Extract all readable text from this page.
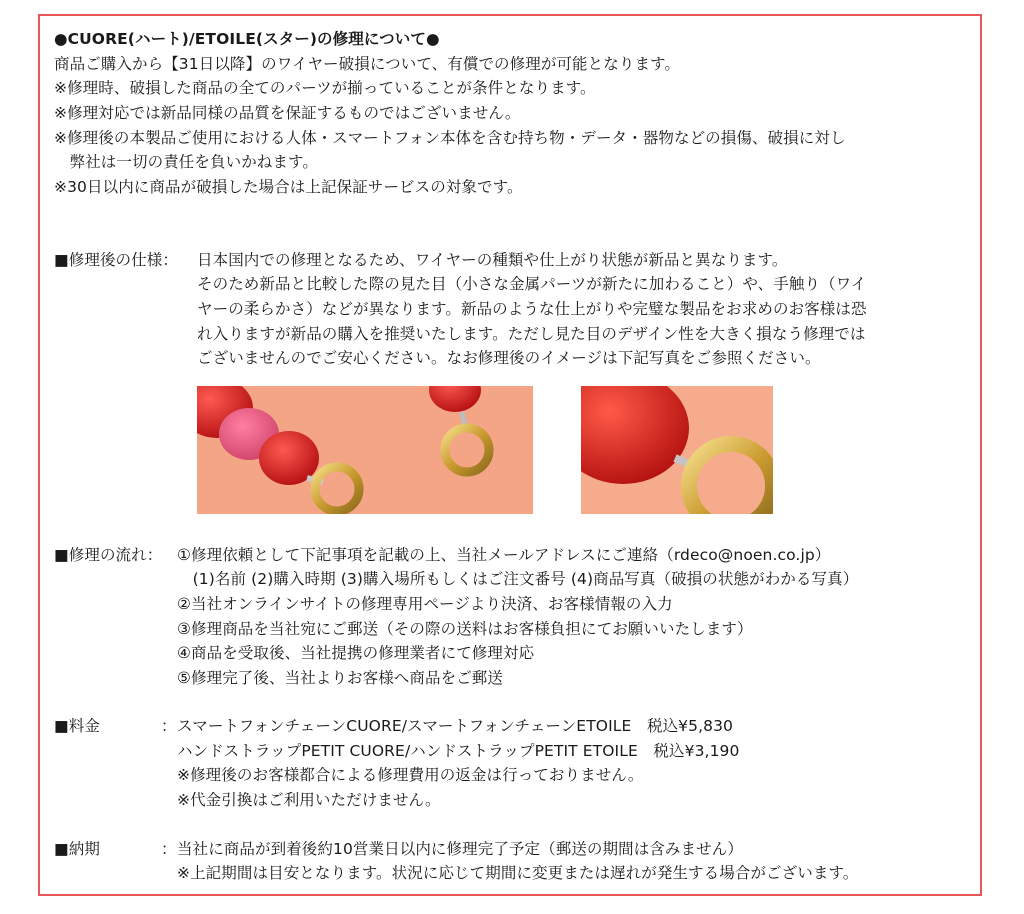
●CUORE(ハート)/ETOILE(スター)の修理について●
商品ご購入から【31日以降】のワイヤー破損について、有償での修理が可能となります。
※修理時、破損した商品の全てのパーツが揃っていることが条件となります。
※修理対応では新品同様の品質を保証するものではございません。
※修理後の本製品ご使用における人体・スマートフォン本体を含む持ち物・データ・器物などの損傷、破損に対し
　弊社は一切の責任を負いかねます。
※30日以内に商品が破損した場合は上記保証サービスの対象です。
■修理後の仕様： 日本国内での修理となるため、ワイヤーの種類や仕上がり状態が新品と異なります。
そのため新品と比較した際の見た目（小さな金属パーツが新たに加わること）や、手触り（ワイ
ヤーの柔らかさ）などが異なります。新品のような仕上がりや完璧な製品をお求めのお客様は恐
れ入りますが新品の購入を推奨いたします。ただし見た目のデザイン性を大きく損なう修理では
ございませんのでご安心ください。なお修理後のイメージは下記写真をご参照ください。
■修理の流れ： ①修理依頼として下記事項を記載の上、当社メールアドレスにご連絡（rdeco@noen.co.jp）
　(1)名前 (2)購入時期 (3)購入場所もしくはご注文番号 (4)商品写真（破損の状態がわかる写真）
②当社オンラインサイトの修理専用ページより決済、お客様情報の入力
③修理商品を当社宛にご郵送（その際の送料はお客様負担にてお願いいたします）
④商品を受取後、当社提携の修理業者にて修理対応
⑤修理完了後、当社よりお客様へ商品をご郵送
■料金	： スマートフォンチェーンCUORE/スマートフォンチェーンETOILE　税込¥5,830
ハンドストラップPETIT CUORE/ハンドストラップPETIT ETOILE　税込¥3,190
※修理後のお客様都合による修理費用の返金は行っておりません。
※代金引換はご利用いただけません。
■納期	： 当社に商品が到着後約10営業日以内に修理完了予定（郵送の期間は含みません）
※上記期間は目安となります。状況に応じて期間に変更または遅れが発生する場合がございます。
